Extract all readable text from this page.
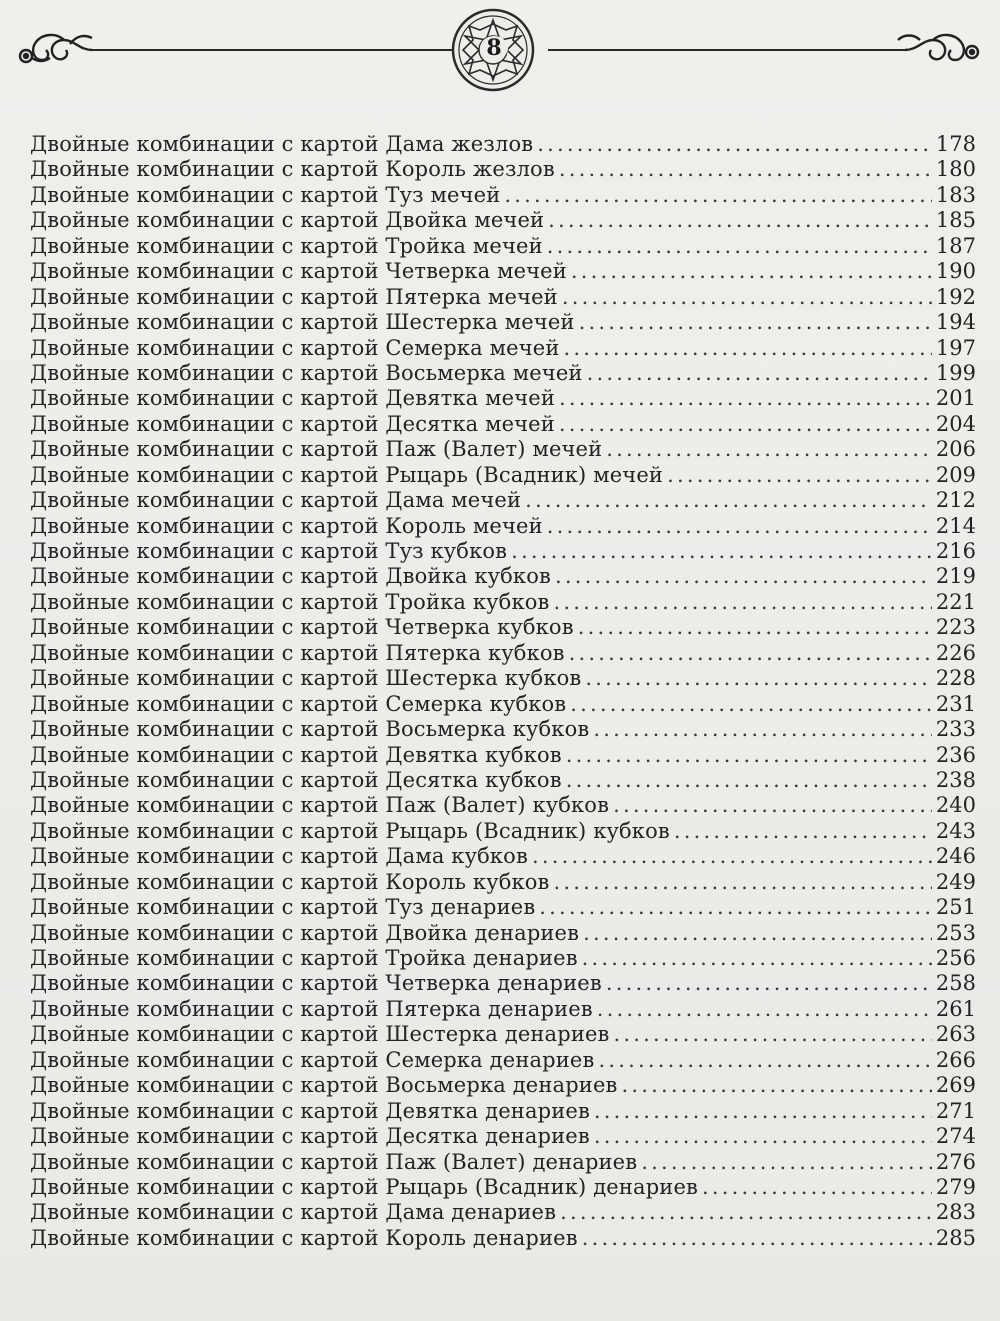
8
Двойные комбинации с картой Дама жезлов .....	178
Двойные комбинации с картой Король жезлов .....	180
Двойные комбинации с картой Туз мечей .....	183
Двойные комбинации с картой Двойка мечей .....	185
Двойные комбинации с картой Тройка мечей .....	187
Двойные комбинации с картой Четверка мечей .....	190
Двойные комбинации с картой Пятерка мечей .....	192
Двойные комбинации с картой Шестерка мечей .....	194
Двойные комбинации с картой Семерка мечей .....	197
Двойные комбинации с картой Восьмерка мечей .....	199
Двойные комбинации с картой Девятка мечей .....	201
Двойные комбинации с картой Десятка мечей .....	204
Двойные комбинации с картой Паж (Валет) мечей .....	206
Двойные комбинации с картой Рыцарь (Всадник) мечей .....	209
Двойные комбинации с картой Дама мечей .....	212
Двойные комбинации с картой Король мечей .....	214
Двойные комбинации с картой Туз кубков .....	216
Двойные комбинации с картой Двойка кубков .....	219
Двойные комбинации с картой Тройка кубков .....	221
Двойные комбинации с картой Четверка кубков .....	223
Двойные комбинации с картой Пятерка кубков .....	226
Двойные комбинации с картой Шестерка кубков .....	228
Двойные комбинации с картой Семерка кубков .....	231
Двойные комбинации с картой Восьмерка кубков .....	233
Двойные комбинации с картой Девятка кубков .....	236
Двойные комбинации с картой Десятка кубков .....	238
Двойные комбинации с картой Паж (Валет) кубков .....	240
Двойные комбинации с картой Рыцарь (Всадник) кубков .....	243
Двойные комбинации с картой Дама кубков .....	246
Двойные комбинации с картой Король кубков .....	249
Двойные комбинации с картой Туз денариев .....	251
Двойные комбинации с картой Двойка денариев .....	253
Двойные комбинации с картой Тройка денариев .....	256
Двойные комбинации с картой Четверка денариев .....	258
Двойные комбинации с картой Пятерка денариев .....	261
Двойные комбинации с картой Шестерка денариев .....	263
Двойные комбинации с картой Семерка денариев .....	266
Двойные комбинации с картой Восьмерка денариев .....	269
Двойные комбинации с картой Девятка денариев .....	271
Двойные комбинации с картой Десятка денариев .....	274
Двойные комбинации с картой Паж (Валет) денариев .....	276
Двойные комбинации с картой Рыцарь (Всадник) денариев .....	279
Двойные комбинации с картой Дама денариев .....	283
Двойные комбинации с картой Король денариев .....	285
